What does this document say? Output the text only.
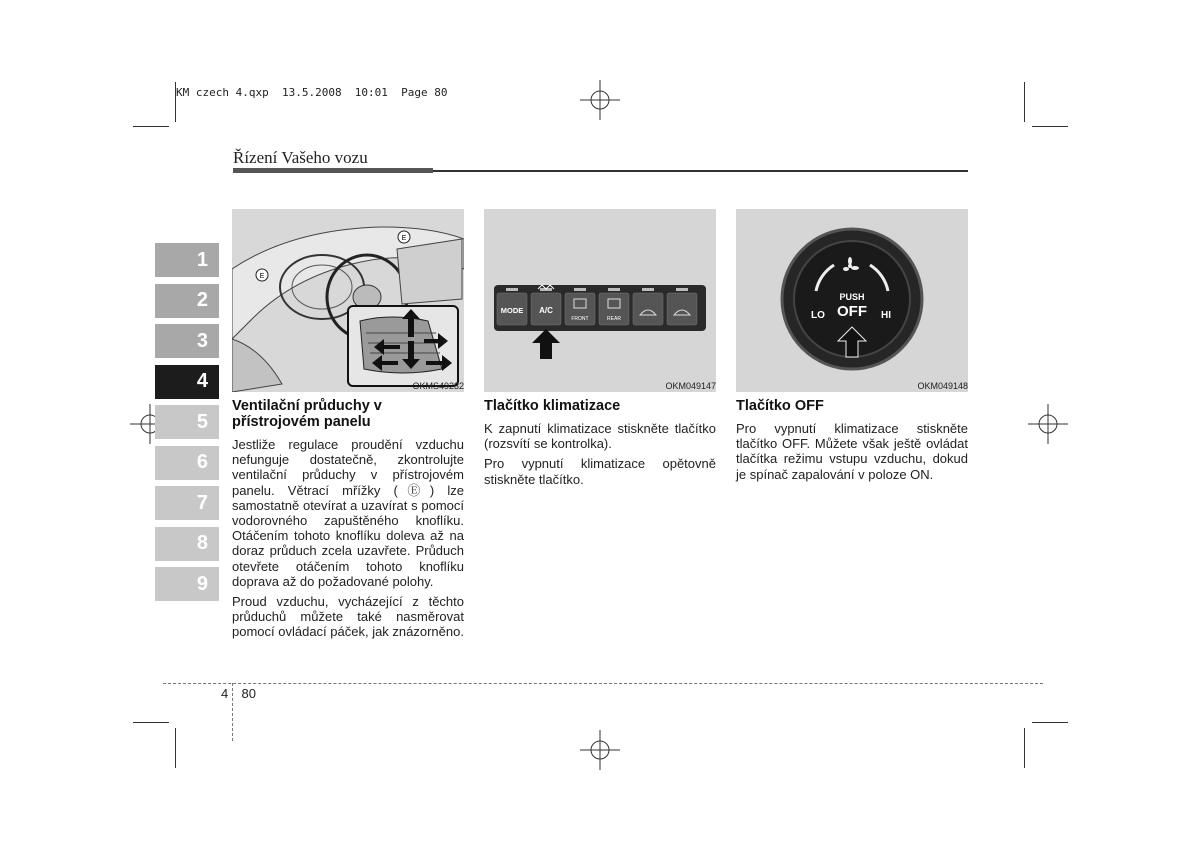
KM czech 4.qxp  13.5.2008  10:01  Page 80
Řízení Vašeho vozu
1
2
3
4
5
6
7
8
9
E
E
OKMS49232
Ventilační průduchy v přístrojovém panelu
Jestliže regulace proudění vzduchu nefunguje dostatečně, zkontrolujte ventilační průduchy v přístrojovém panelu. Větrací mřížky (Ⓔ) lze samostatně otevírat a uzavírat s pomocí vodorovného zapuštěného knoflíku. Otáčením tohoto knoflíku doleva až na doraz průduch zcela uzavřete. Průduch otevřete otáčením tohoto knoflíku doprava až do požadované polohy.
Proud vzduchu, vycházející z těchto průduchů můžete také nasměrovat pomocí ovládací páček, jak znázorněno.
MODE A/C
FRONT	REAR
OKM049147
Tlačítko klimatizace
K zapnutí klimatizace stiskněte tlačítko (rozsvítí se kontrolka).
Pro vypnutí klimatizace opětovně stiskněte tlačítko.
PUSH
OFF
LO	HI
OKM049148
Tlačítko OFF
Pro vypnutí klimatizace stiskněte tlačítko OFF. Můžete však ještě ovládat tlačítka režimu vstupu vzduchu, dokud je spínač zapalování v poloze ON.
4 80
